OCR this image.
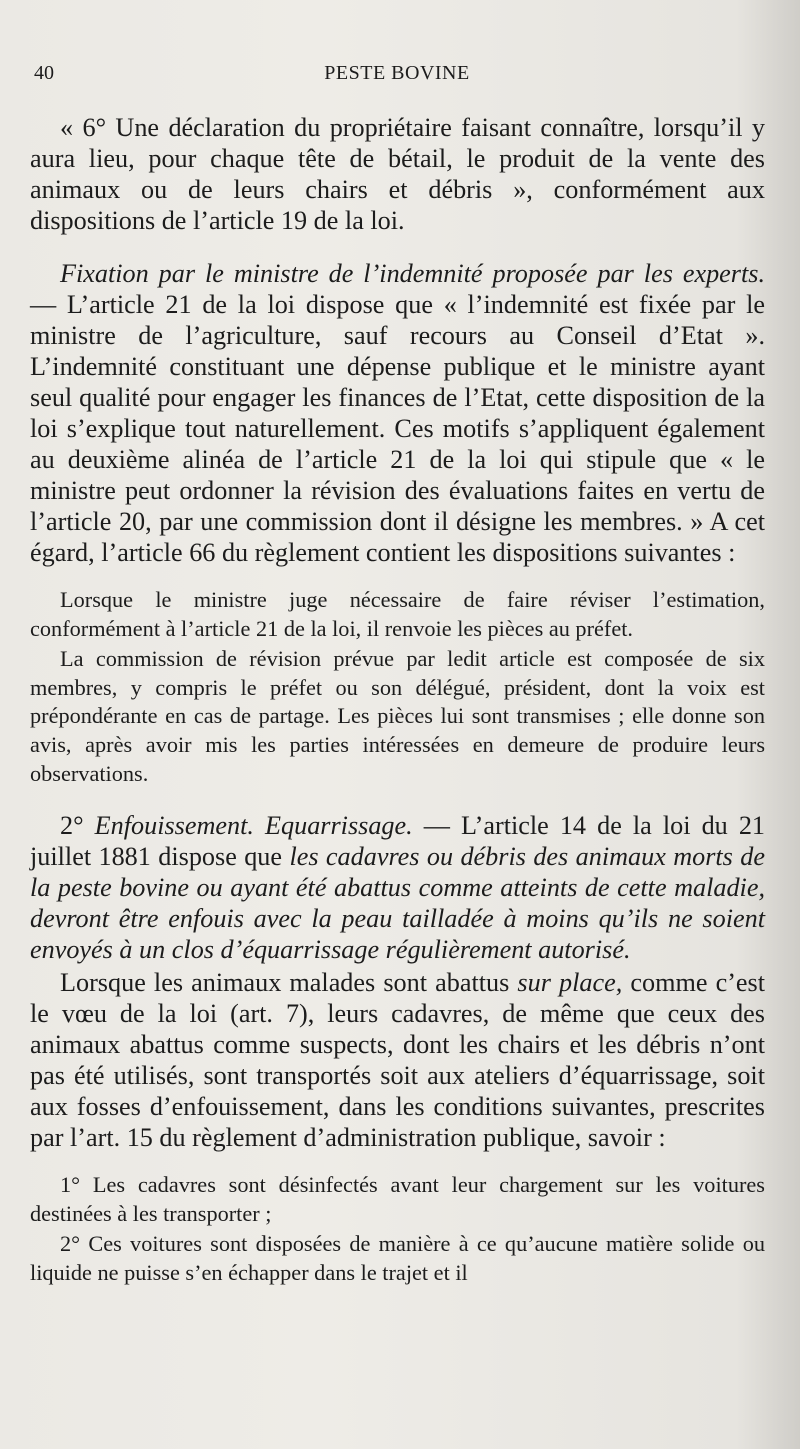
40	PESTE BOVINE

« 6° Une déclaration du propriétaire faisant connaître, lorsqu’il y aura lieu, pour chaque tête de bétail, le produit de la vente des animaux ou de leurs chairs et débris », conformément aux dispositions de l’article 19 de la loi.

Fixation par le ministre de l’indemnité proposée par les experts. — L’article 21 de la loi dispose que « l’indemnité est fixée par le ministre de l’agriculture, sauf recours au Conseil d’Etat ». L’indemnité constituant une dépense publique et le ministre ayant seul qualité pour engager les finances de l’Etat, cette disposition de la loi s’explique tout naturellement. Ces motifs s’appliquent également au deuxième alinéa de l’article 21 de la loi qui stipule que « le ministre peut ordonner la révision des évaluations faites en vertu de l’article 20, par une commission dont il désigne les membres. » A cet égard, l’article 66 du règlement contient les dispositions suivantes :

Lorsque le ministre juge nécessaire de faire réviser l’estimation, conformément à l’article 21 de la loi, il renvoie les pièces au préfet.

La commission de révision prévue par ledit article est composée de six membres, y compris le préfet ou son délégué, président, dont la voix est prépondérante en cas de partage. Les pièces lui sont transmises ; elle donne son avis, après avoir mis les parties intéressées en demeure de produire leurs observations.

2° Enfouissement. Equarrissage. — L’article 14 de la loi du 21 juillet 1881 dispose que les cadavres ou débris des animaux morts de la peste bovine ou ayant été abattus comme atteints de cette maladie, devront être enfouis avec la peau tailladée à moins qu’ils ne soient envoyés à un clos d’équarrissage régulièrement autorisé.

Lorsque les animaux malades sont abattus sur place, comme c’est le vœu de la loi (art. 7), leurs cadavres, de même que ceux des animaux abattus comme suspects, dont les chairs et les débris n’ont pas été utilisés, sont transportés soit aux ateliers d’équarrissage, soit aux fosses d’enfouissement, dans les conditions suivantes, prescrites par l’art. 15 du règlement d’administration publique, savoir :

1° Les cadavres sont désinfectés avant leur chargement sur les voitures destinées à les transporter ;

2° Ces voitures sont disposées de manière à ce qu’aucune matière solide ou liquide ne puisse s’en échapper dans le trajet et il
